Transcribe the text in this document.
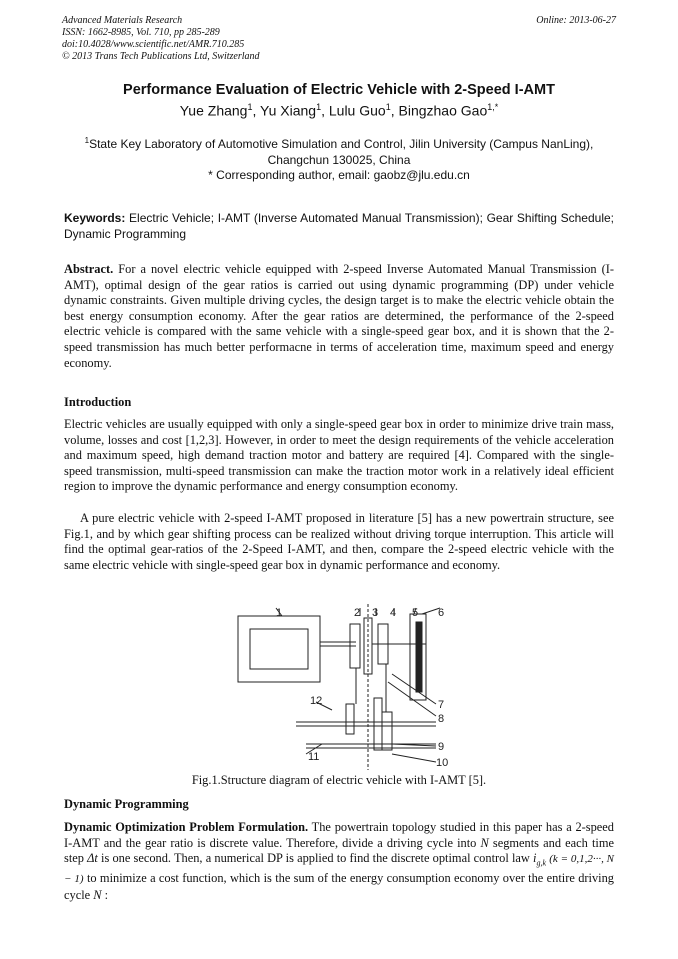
Advanced Materials Research
ISSN: 1662-8985, Vol. 710, pp 285-289
doi:10.4028/www.scientific.net/AMR.710.285
© 2013 Trans Tech Publications Ltd, Switzerland
Online: 2013-06-27
Performance Evaluation of Electric Vehicle with 2-Speed I-AMT
Yue Zhang$^1$, Yu Xiang$^1$, Lulu Guo$^1$, Bingzhao Gao$^{1,*}$
$^1$State Key Laboratory of Automotive Simulation and Control, Jilin University (Campus NanLing), Changchun 130025, China
* Corresponding author, email: gaobz@jlu.edu.cn
Keywords: Electric Vehicle; I-AMT (Inverse Automated Manual Transmission); Gear Shifting Schedule; Dynamic Programming
Abstract. For a novel electric vehicle equipped with 2-speed Inverse Automated Manual Transmission (I-AMT), optimal design of the gear ratios is carried out using dynamic programming (DP) under vehicle dynamic constraints. Given multiple driving cycles, the design target is to make the electric vehicle obtain the best energy consumption economy. After the gear ratios are determined, the performance of the 2-speed electric vehicle is compared with the same vehicle with a single-speed gear box, and it is shown that the 2-speed transmission has much better performacne in terms of acceleration time, maximum speed and energy economy.
Introduction
Electric vehicles are usually equipped with only a single-speed gear box in order to minimize drive train mass, volume, losses and cost [1,2,3]. However, in order to meet the design requirements of the vehicle acceleration and maximum speed, high demand traction motor and battery are required [4]. Compared with the single-speed transmission, multi-speed transmission can make the traction motor work in a relatively ideal efficient region to improve the dynamic performance and energy consumption economy.
A pure electric vehicle with 2-speed I-AMT proposed in literature [5] has a new powertrain structure, see Fig.1, and by which gear shifting process can be realized without driving torque interruption. This article will find the optimal gear-ratios of the 2-Speed I-AMT, and then, compare the 2-speed electric vehicle with the same electric vehicle with single-speed gear box in dynamic performance and economy.
1	2 3 4 5 6
7
8
9
10
11
12
Fig.1.Structure diagram of electric vehicle with I-AMT [5].
Dynamic Programming
Dynamic Optimization Problem Formulation. The powertrain topology studied in this paper has a 2-speed I-AMT and the gear ratio is discrete value. Therefore, divide a driving cycle into N segments and each time step Δt is one second. Then, a numerical DP is applied to find the discrete optimal control law $i_{g,k}$ (k = 0,1,2···, N − 1) to minimize a cost function, which is the sum of the energy consumption economy over the entire driving cycle N :
